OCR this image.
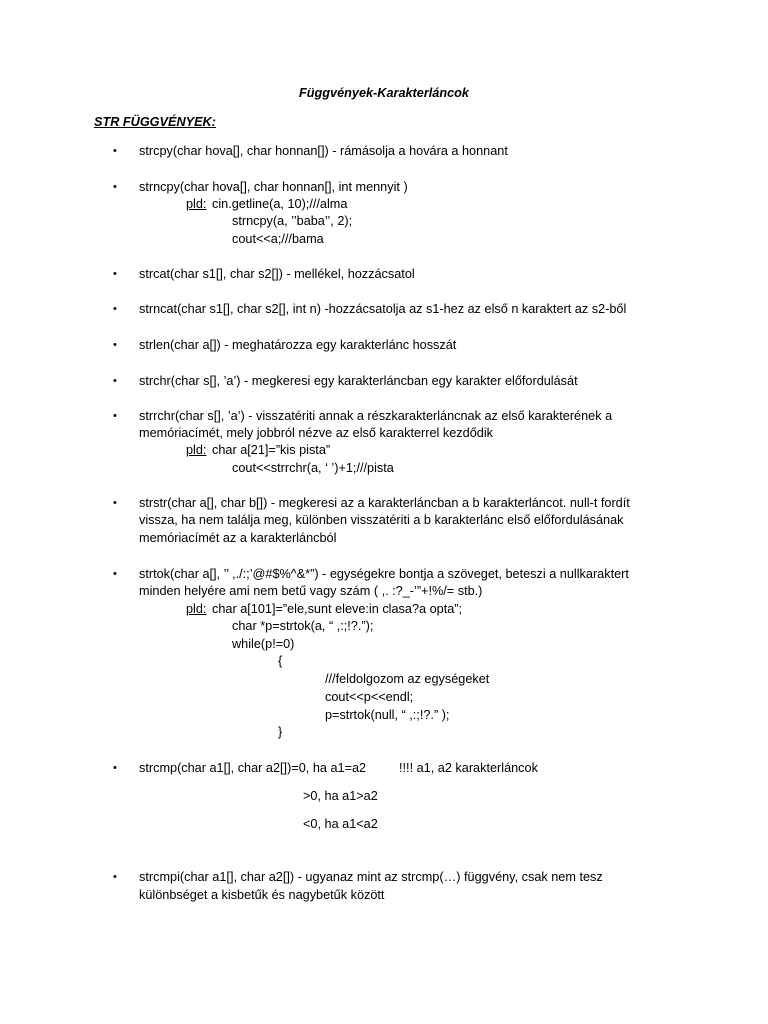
Függvények-Karakterláncok
STR FÜGGVÉNYEK:
• strcpy(char hova[], char honnan[]) - rámásolja a hovára a honnant
• strncpy(char hova[], char honnan[], int mennyit )
pld: cin.getline(a, 10);///alma
strncpy(a, ’’baba’’, 2);
cout<<a;///bama
• strcat(char s1[], char s2[]) - mellékel, hozzácsatol
• strncat(char s1[], char s2[], int n) -hozzácsatolja az s1-hez az első n karaktert az s2-ből
• strlen(char a[]) - meghatározza egy karakterlánc hosszát
• strchr(char s[], ’a’) - megkeresi egy karakterláncban egy karakter előfordulását
• strrchr(char s[], ’a’) - visszatériti annak a részkarakterláncnak az első karakterének a
memóriacímét, mely jobbról nézve az első karakterrel kezdődik
pld: char a[21]=”kis pista”
cout<<strrchr(a, ‘ ’)+1;///pista
• strstr(char a[], char b[]) - megkeresi az a karakterláncban a b karakterláncot. null-t fordít
vissza, ha nem találja meg, különben visszatériti a b karakterlánc első előfordulásának
memóriacímét az a karakterláncból
• strtok(char a[], ’’ ,./:;’@#$%^&*”) - egységekre bontja a szöveget, beteszi a nullkaraktert
minden helyére ami nem betű vagy szám ( ,. :?_-’”+!%/= stb.)
pld: char a[101]=”ele,sunt eleve:in clasa?a opta”;
char *p=strtok(a, “ ,:;!?.”);
while(p!=0)
{
///feldolgozom az egységeket
cout<<p<<endl;
p=strtok(null, “ ,:;!?.” );
}
• strcmp(char a1[], char a2[])=0, ha a1=a2	!!!! a1, a2 karakterláncok
>0, ha a1>a2
<0, ha a1<a2
• strcmpi(char a1[], char a2[]) - ugyanaz mint az strcmp(…) függvény, csak nem tesz
különbséget a kisbetűk és nagybetűk között
